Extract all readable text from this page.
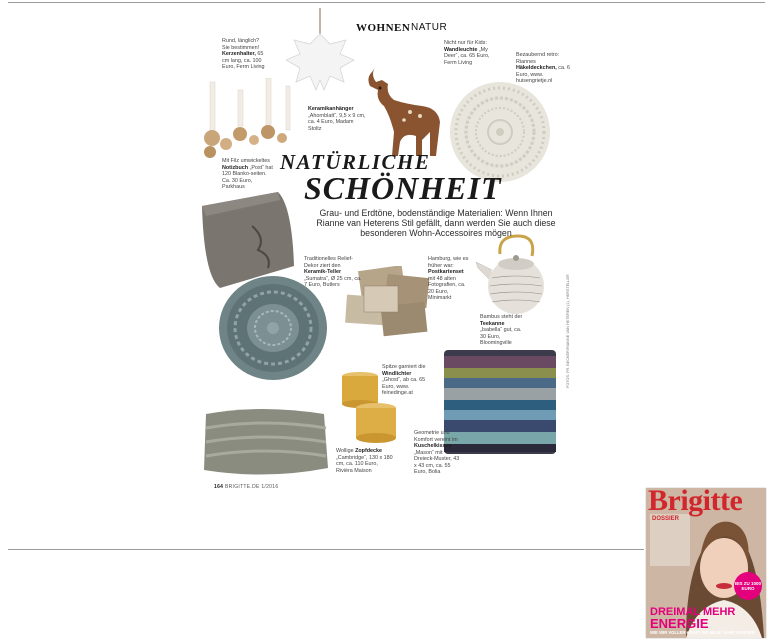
WOHNEN NATUR
NATÜRLICHE
SCHÖNHEIT
Grau- und Erdtöne, bodenständige Materialien: Wenn Ihnen Rianne van Heterens Stil gefällt, dann werden Sie auch diese besonderen Wohn-Accessoires mögen
Rund, länglich? Sie bestimmen! Kerzenhalter, 65 cm lang, ca. 100 Euro, Ferm Living
Keramikanhänger „Ahornblatt“, 9,5 x 9 cm, ca. 4 Euro, Madam Stoltz
Nicht nur für Kids: Wandleuchte „My Deer“, ca. 65 Euro, Ferm Living
Bezaubernd retro: Riannes Häkeldeckchen, ca. 6 Euro, www. huisengrietje.nl
Mit Filz umwickeltes Notizbuch „Post“ hat 120 Blanko-seiten. Ca. 30 Euro, Parkhaus
Traditionelles Relief-Dekor ziert den Keramik-Teller „Sumatra“, Ø 25 cm, ca. 7 Euro, Butlers
Hamburg, wie es früher war: Postkartenset mit 48 alten Fotografien, ca. 20 Euro, Minimarkt
Bambus steht der Teekanne „Isabella“ gut, ca. 30 Euro, Bloomingville
Spitze garniert die Windlichter „Ghost“, ab ca. 65 Euro, www. feinedinge.at
Geometrie und Komfort vereint im Kuschelkissen „Mason“ mit Dreieck-Muster, 43 x 43 cm, ca. 55 Euro, Bolia
Wollige Zopfdecke „Cambridge“, 130 x 180 cm, ca. 110 Euro, Rivièra Maison
FOTOS: FR. BECKER/RIANNE VAN HETEREN (1), HERSTELLER
164 BRIGITTE.DE 1/2016	Brigitte
DOSSIER
BIS ZU 1000 EURO
DREIMAL MEHR
ENERGIE
WIE WIR VOLLER KRAFT INS NEUE JAHR STARTEN
